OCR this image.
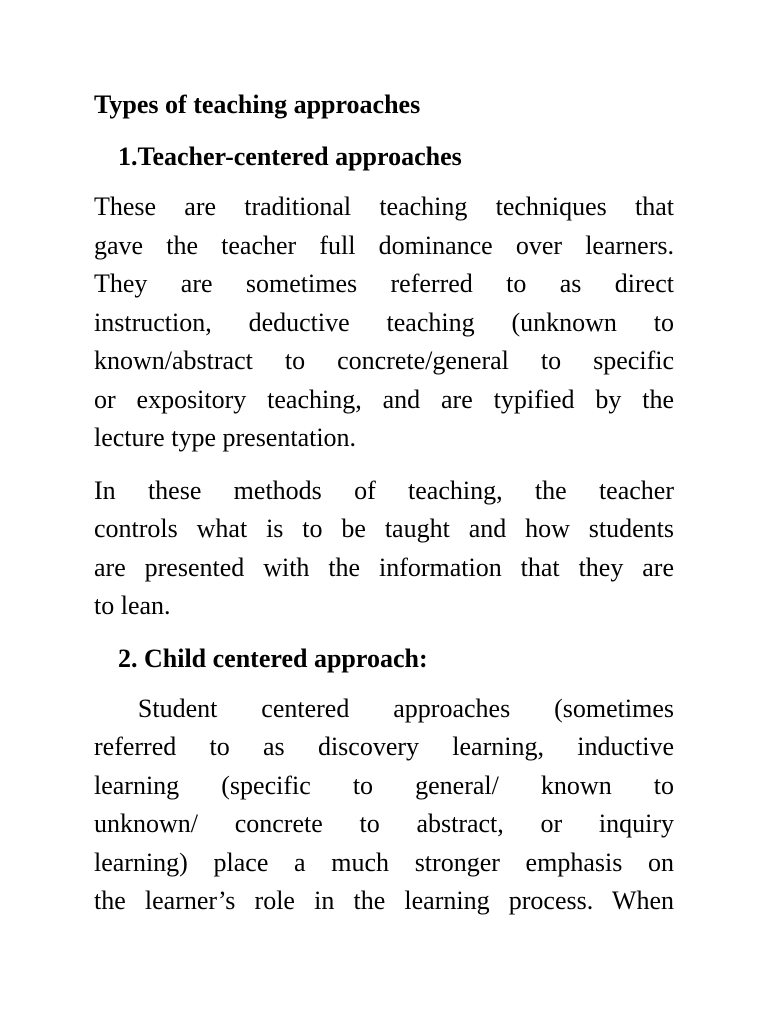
Types of teaching approaches
1.Teacher-centered approaches
These are traditional teaching techniques that
gave the teacher full dominance over learners.
They are sometimes referred to as direct
instruction, deductive teaching (unknown to
known/abstract to concrete/general to specific
or expository teaching, and are typified by the
lecture type presentation.
In these methods of teaching, the teacher
controls what is to be taught and how students
are presented with the information that they are
to lean.
2. Child centered approach:
Student centered approaches (sometimes
referred to as discovery learning, inductive
learning (specific to general/ known to
unknown/ concrete to abstract, or inquiry
learning) place a much stronger emphasis on
the learner’s role in the learning process. When
